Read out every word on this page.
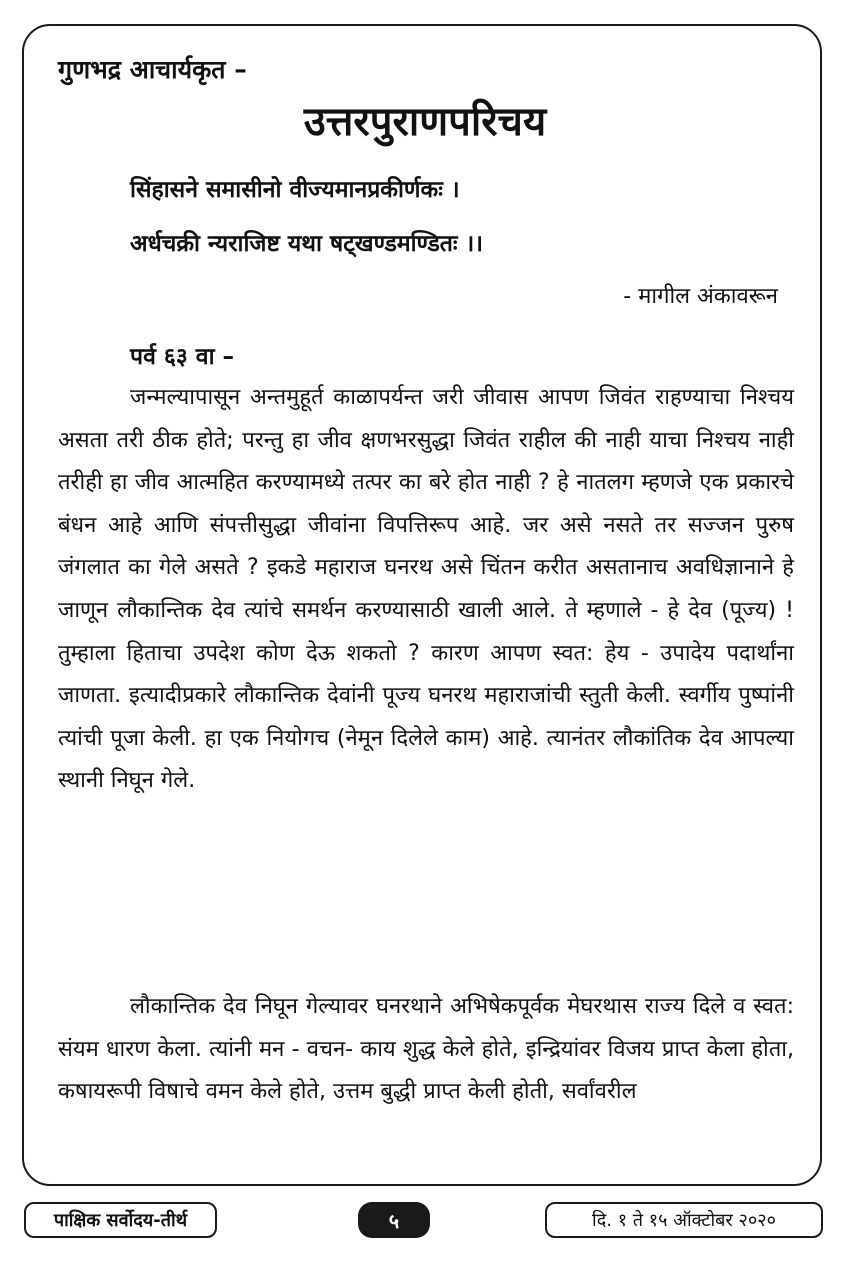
गुणभद्र आचार्यकृत –
उत्तरपुराणपरिचय
सिंहासने समासीनो वीज्यमानप्रकीर्णकः ।
अर्धचक्री न्यराजिष्ट यथा षट्‍खण्डमण्डितः ।।
- मागील अंकावरून
पर्व ६३ वा –

जन्मल्यापासून अन्तमुहूर्त काळापर्यन्त जरी जीवास आपण जिवंत राहण्याचा निश्चय असता तरी ठीक होते; परन्तु हा जीव क्षणभरसुद्धा जिवंत राहील की नाही याचा निश्चय नाही तरीही हा जीव आत्महित करण्यामध्ये तत्पर का बरे होत नाही ? हे नातलग म्हणजे एक प्रकारचे बंधन आहे आणि संपत्तीसुद्धा जीवांना विपत्तिरूप आहे. जर असे नसते तर सज्जन पुरुष जंगलात का गेले असते ? इकडे महाराज घनरथ असे चिंतन करीत असतानाच अवधिज्ञानाने हे जाणून लौकान्तिक देव त्यांचे समर्थन करण्यासाठी खाली आले. ते म्हणाले - हे देव (पूज्य) ! तुम्हाला हिताचा उपदेश कोण देऊ शकतो ? कारण आपण स्वत: हेय - उपादेय पदार्थांना जाणता. इत्यादीप्रकारे लौकान्तिक देवांनी पूज्य घनरथ महाराजांची स्तुती केली. स्वर्गीय पुष्पांनी त्यांची पूजा केली. हा एक नियोगच (नेमून दिलेले काम) आहे. त्यानंतर लौकांतिक देव आपल्या स्थानी निघून गेले.

लौकान्तिक देव निघून गेल्यावर घनरथाने अभिषेकपूर्वक मेघरथास राज्य दिले व स्वत: संयम धारण केला. त्यांनी मन - वचन- काय शुद्ध केले होते, इन्द्रियांवर विजय प्राप्त केला होता, कषायरूपी विषाचे वमन केले होते, उत्तम बुद्धी प्राप्त केली होती, सर्वांवरील

पाक्षिक सर्वोदय-तीर्थ	५	दि. १ ते १५ ऑक्टोबर २०२०
